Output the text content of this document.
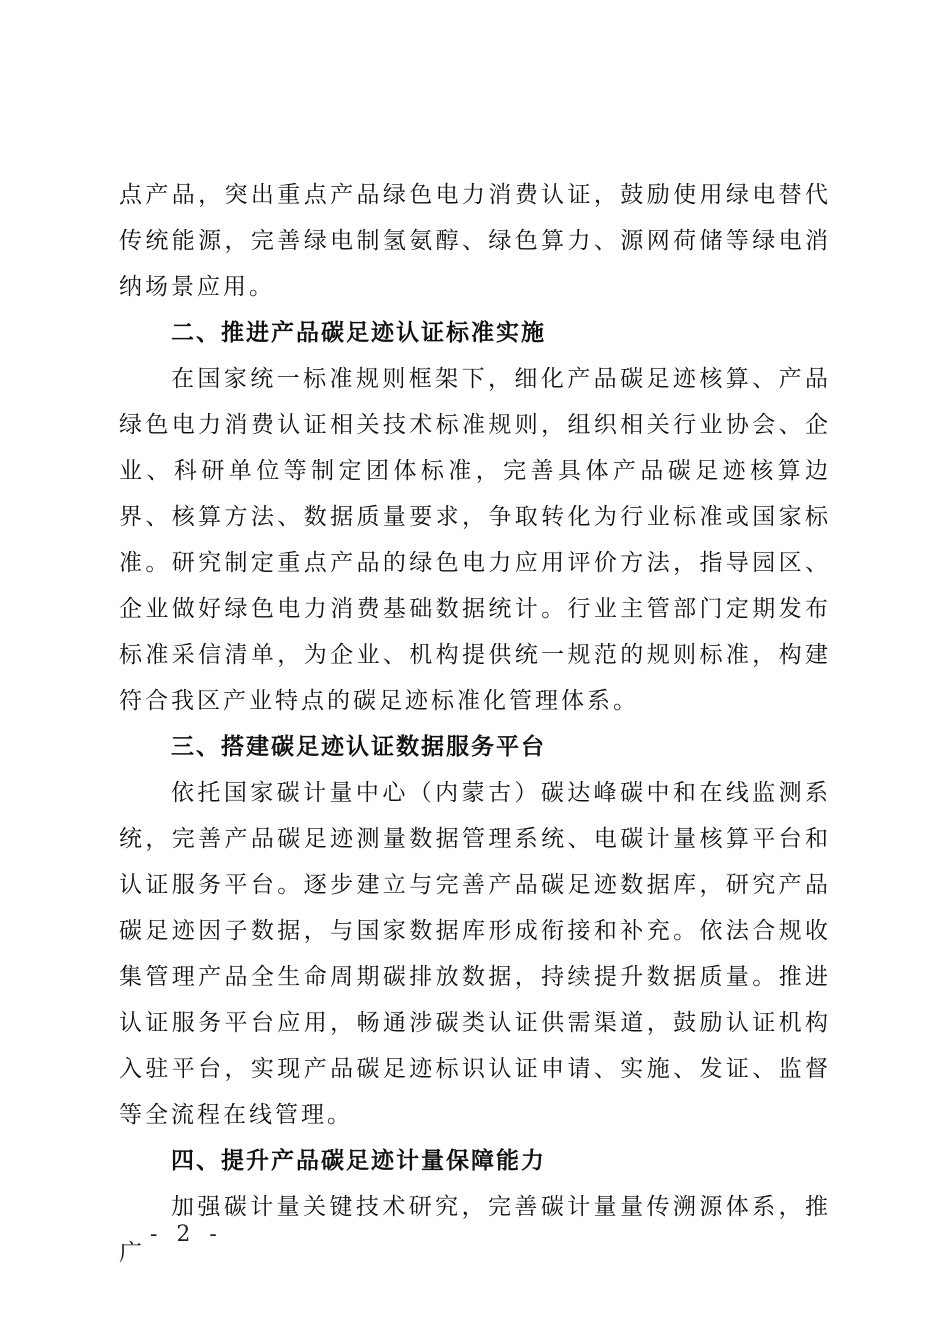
点产品，突出重点产品绿色电力消费认证，鼓励使用绿电替代传统能源，完善绿电制氢氨醇、绿色算力、源网荷储等绿电消纳场景应用。

二、推进产品碳足迹认证标准实施

在国家统一标准规则框架下，细化产品碳足迹核算、产品绿色电力消费认证相关技术标准规则，组织相关行业协会、企业、科研单位等制定团体标准，完善具体产品碳足迹核算边界、核算方法、数据质量要求，争取转化为行业标准或国家标准。研究制定重点产品的绿色电力应用评价方法，指导园区、企业做好绿色电力消费基础数据统计。行业主管部门定期发布标准采信清单，为企业、机构提供统一规范的规则标准，构建符合我区产业特点的碳足迹标准化管理体系。

三、搭建碳足迹认证数据服务平台

依托国家碳计量中心（内蒙古）碳达峰碳中和在线监测系统，完善产品碳足迹测量数据管理系统、电碳计量核算平台和认证服务平台。逐步建立与完善产品碳足迹数据库，研究产品碳足迹因子数据，与国家数据库形成衔接和补充。依法合规收集管理产品全生命周期碳排放数据，持续提升数据质量。推进认证服务平台应用，畅通涉碳类认证供需渠道，鼓励认证机构入驻平台，实现产品碳足迹标识认证申请、实施、发证、监督等全流程在线管理。

四、提升产品碳足迹计量保障能力

加强碳计量关键技术研究，完善碳计量量传溯源体系，推广

- 2 -
